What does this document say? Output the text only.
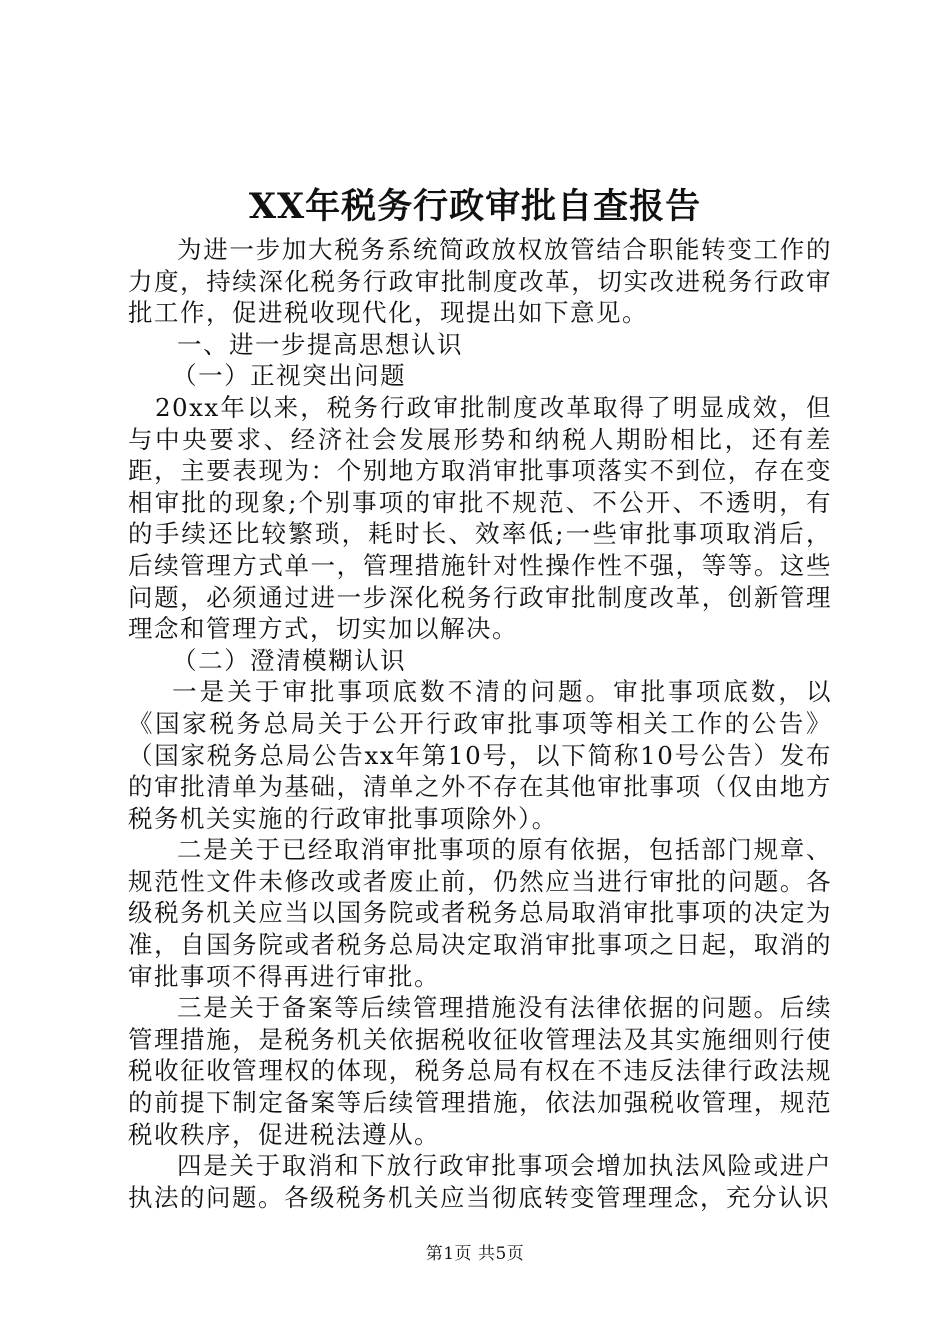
XX年税务行政审批自查报告

为进一步加大税务系统简政放权放管结合职能转变工作的力度，持续深化税务行政审批制度改革，切实改进税务行政审批工作，促进税收现代化，现提出如下意见。

一、进一步提高思想认识

（一）正视突出问题

20xx年以来，税务行政审批制度改革取得了明显成效，但与中央要求、经济社会发展形势和纳税人期盼相比，还有差距，主要表现为：个别地方取消审批事项落实不到位，存在变相审批的现象;个别事项的审批不规范、不公开、不透明，有的手续还比较繁琐，耗时长、效率低;一些审批事项取消后，后续管理方式单一，管理措施针对性操作性不强，等等。这些问题，必须通过进一步深化税务行政审批制度改革，创新管理理念和管理方式，切实加以解决。

（二）澄清模糊认识

一是关于审批事项底数不清的问题。审批事项底数，以《国家税务总局关于公开行政审批事项等相关工作的公告》（国家税务总局公告xx年第10号，以下简称10号公告）发布的审批清单为基础，清单之外不存在其他审批事项（仅由地方税务机关实施的行政审批事项除外）。

二是关于已经取消审批事项的原有依据，包括部门规章、规范性文件未修改或者废止前，仍然应当进行审批的问题。各级税务机关应当以国务院或者税务总局取消审批事项的决定为准，自国务院或者税务总局决定取消审批事项之日起，取消的审批事项不得再进行审批。

三是关于备案等后续管理措施没有法律依据的问题。后续管理措施，是税务机关依据税收征收管理法及其实施细则行使税收征收管理权的体现，税务总局有权在不违反法律行政法规的前提下制定备案等后续管理措施，依法加强税收管理，规范税收秩序，促进税法遵从。

四是关于取消和下放行政审批事项会增加执法风险或进户执法的问题。各级税务机关应当彻底转变管理理念，充分认识

第1页 共5页
